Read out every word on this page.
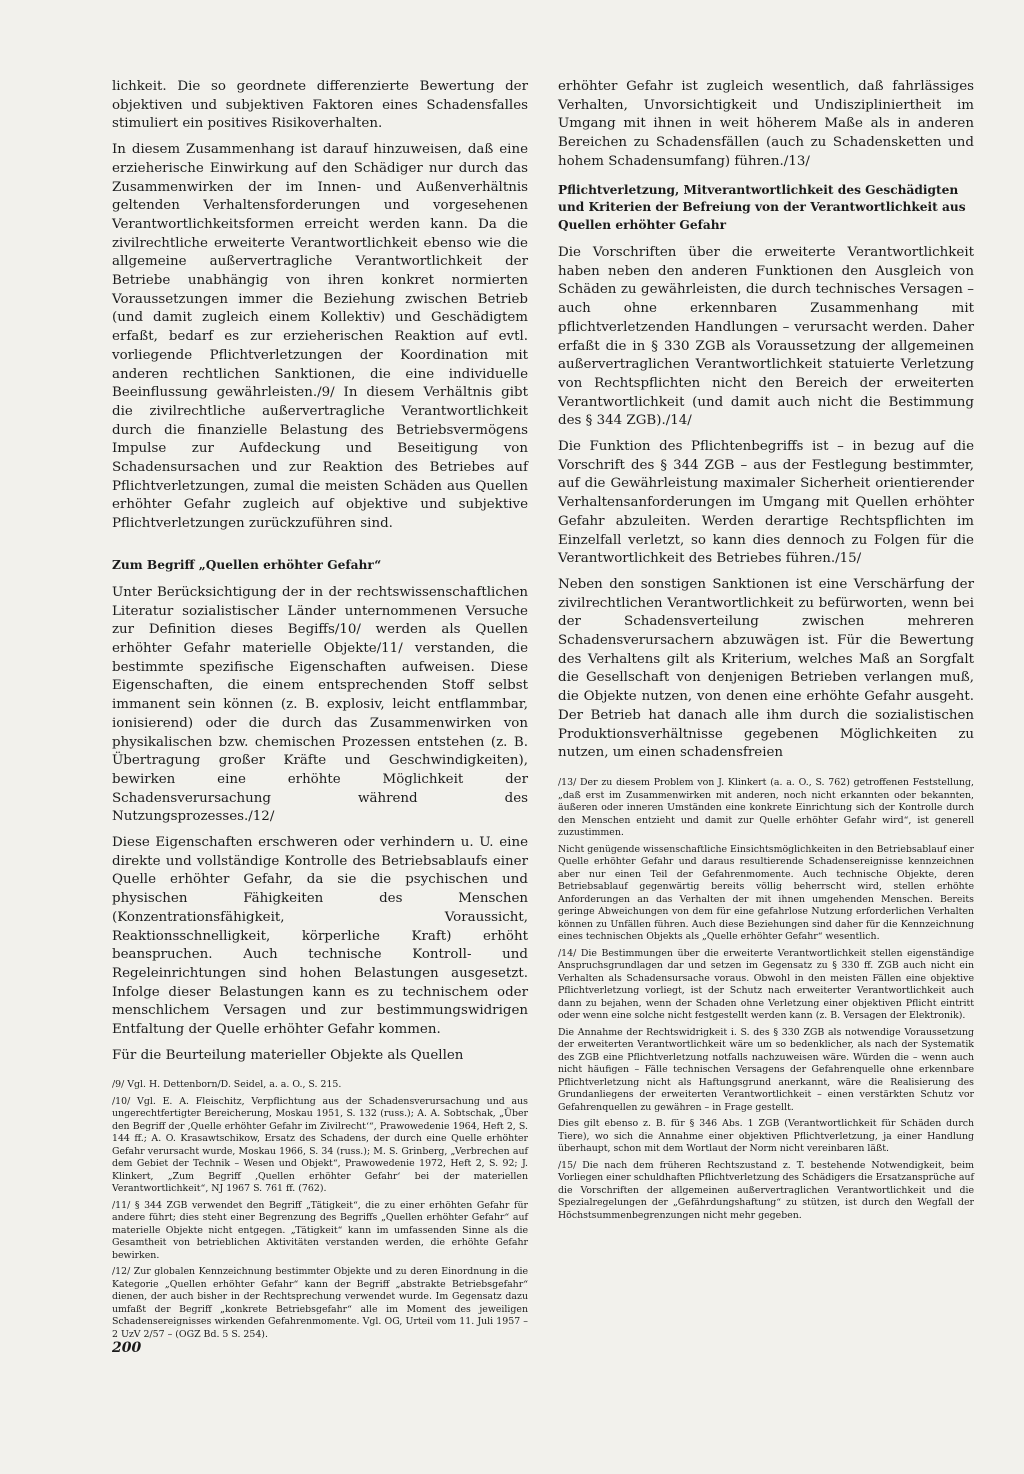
lichkeit. Die so geordnete differenzierte Bewertung der objektiven und subjektiven Faktoren eines Schadensfalles stimuliert ein positives Risikoverhalten.

In diesem Zusammenhang ist darauf hinzuweisen, daß eine erzieherische Einwirkung auf den Schädiger nur durch das Zusammenwirken der im Innen- und Außenverhältnis geltenden Verhaltensforderungen und vorgesehenen Verantwortlichkeitsformen erreicht werden kann. Da die zivilrechtliche erweiterte Verantwortlichkeit ebenso wie die allgemeine außervertragliche Verantwortlichkeit der Betriebe unabhängig von ihren konkret normierten Voraussetzungen immer die Beziehung zwischen Betrieb (und damit zugleich einem Kollektiv) und Geschädigtem erfaßt, bedarf es zur erzieherischen Reaktion auf evtl. vorliegende Pflichtverletzungen der Koordination mit anderen rechtlichen Sanktionen, die eine individuelle Beeinflussung gewährleisten./9/ In diesem Verhältnis gibt die zivilrechtliche außervertragliche Verantwortlichkeit durch die finanzielle Belastung des Betriebsvermögens Impulse zur Aufdeckung und Beseitigung von Schadensursachen und zur Reaktion des Betriebes auf Pflichtverletzungen, zumal die meisten Schäden aus Quellen erhöhter Gefahr zugleich auf objektive und subjektive Pflichtverletzungen zurückzuführen sind.

Zum Begriff „Quellen erhöhter Gefahr“

Unter Berücksichtigung der in der rechtswissenschaftlichen Literatur sozialistischer Länder unternommenen Versuche zur Definition dieses Begiffs/10/ werden als Quellen erhöhter Gefahr materielle Objekte/11/ verstanden, die bestimmte spezifische Eigenschaften aufweisen. Diese Eigenschaften, die einem entsprechenden Stoff selbst immanent sein können (z. B. explosiv, leicht entflammbar, ionisierend) oder die durch das Zusammenwirken von physikalischen bzw. chemischen Prozessen entstehen (z. B. Übertragung großer Kräfte und Geschwindigkeiten), bewirken eine erhöhte Möglichkeit der Schadensverursachung während des Nutzungsprozesses./12/

Diese Eigenschaften erschweren oder verhindern u. U. eine direkte und vollständige Kontrolle des Betriebsablaufs einer Quelle erhöhter Gefahr, da sie die psychischen und physischen Fähigkeiten des Menschen (Konzentrationsfähigkeit, Voraussicht, Reaktionsschnelligkeit, körperliche Kraft) erhöht beanspruchen. Auch technische Kontroll- und Regeleinrichtungen sind hohen Belastungen ausgesetzt. Infolge dieser Belastungen kann es zu technischem oder menschlichem Versagen und zur bestimmungswidrigen Entfaltung der Quelle erhöhter Gefahr kommen.

Für die Beurteilung materieller Objekte als Quellen

/9/ Vgl. H. Dettenborn/D. Seidel, a. a. O., S. 215.

/10/ Vgl. E. A. Fleischitz, Verpflichtung aus der Schadensverursachung und aus ungerechtfertigter Bereicherung, Moskau 1951, S. 132 (russ.); A. A. Sobtschak, „Über den Begriff der ‚Quelle erhöhter Gefahr im Zivilrecht‘“, Prawowedenie 1964, Heft 2, S. 144 ff.; A. O. Krasawtschikow, Ersatz des Schadens, der durch eine Quelle erhöhter Gefahr verursacht wurde, Moskau 1966, S. 34 (russ.); M. S. Grinberg, „Verbrechen auf dem Gebiet der Technik – Wesen und Objekt“, Prawowedenie 1972, Heft 2, S. 92; J. Klinkert, „Zum Begriff ‚Quellen erhöhter Gefahr‘ bei der materiellen Verantwortlichkeit“, NJ 1967 S. 761 ff. (762).

/11/ § 344 ZGB verwendet den Begriff „Tätigkeit“, die zu einer erhöhten Gefahr für andere führt; dies steht einer Begrenzung des Begriffs „Quellen erhöhter Gefahr“ auf materielle Objekte nicht entgegen. „Tätigkeit“ kann im umfassenden Sinne als die Gesamtheit von betrieblichen Aktivitäten verstanden werden, die erhöhte Gefahr bewirken.

/12/ Zur globalen Kennzeichnung bestimmter Objekte und zu deren Einordnung in die Kategorie „Quellen erhöhter Gefahr“ kann der Begriff „abstrakte Betriebsgefahr“ dienen, der auch bisher in der Rechtsprechung verwendet wurde. Im Gegensatz dazu umfaßt der Begriff „konkrete Betriebsgefahr“ alle im Moment des jeweiligen Schadensereignisses wirkenden Gefahrenmomente. Vgl. OG, Urteil vom 11. Juli 1957 – 2 UzV 2/57 – (OGZ Bd. 5 S. 254).

erhöhter Gefahr ist zugleich wesentlich, daß fahrlässiges Verhalten, Unvorsichtigkeit und Undiszipliniertheit im Umgang mit ihnen in weit höherem Maße als in anderen Bereichen zu Schadensfällen (auch zu Schadensketten und hohem Schadensumfang) führen./13/

Pflichtverletzung, Mitverantwortlichkeit des Geschädigten und Kriterien der Befreiung von der Verantwortlichkeit aus Quellen erhöhter Gefahr

Die Vorschriften über die erweiterte Verantwortlichkeit haben neben den anderen Funktionen den Ausgleich von Schäden zu gewährleisten, die durch technisches Versagen – auch ohne erkennbaren Zusammenhang mit pflichtverletzenden Handlungen – verursacht werden. Daher erfaßt die in § 330 ZGB als Voraussetzung der allgemeinen außervertraglichen Verantwortlichkeit statuierte Verletzung von Rechtspflichten nicht den Bereich der erweiterten Verantwortlichkeit (und damit auch nicht die Bestimmung des § 344 ZGB)./14/

Die Funktion des Pflichtenbegriffs ist – in bezug auf die Vorschrift des § 344 ZGB – aus der Festlegung bestimmter, auf die Gewährleistung maximaler Sicherheit orientierender Verhaltensanforderungen im Umgang mit Quellen erhöhter Gefahr abzuleiten. Werden derartige Rechtspflichten im Einzelfall verletzt, so kann dies dennoch zu Folgen für die Verantwortlichkeit des Betriebes führen./15/

Neben den sonstigen Sanktionen ist eine Verschärfung der zivilrechtlichen Verantwortlichkeit zu befürworten, wenn bei der Schadensverteilung zwischen mehreren Schadensverursachern abzuwägen ist. Für die Bewertung des Verhaltens gilt als Kriterium, welches Maß an Sorgfalt die Gesellschaft von denjenigen Betrieben verlangen muß, die Objekte nutzen, von denen eine erhöhte Gefahr ausgeht. Der Betrieb hat danach alle ihm durch die sozialistischen Produktionsverhältnisse gegebenen Möglichkeiten zu nutzen, um einen schadensfreien

/13/ Der zu diesem Problem von J. Klinkert (a. a. O., S. 762) getroffenen Feststellung, „daß erst im Zusammenwirken mit anderen, noch nicht erkannten oder bekannten, äußeren oder inneren Umständen eine konkrete Einrichtung sich der Kontrolle durch den Menschen entzieht und damit zur Quelle erhöhter Gefahr wird“, ist generell zuzustimmen.

Nicht genügende wissenschaftliche Einsichtsmöglichkeiten in den Betriebsablauf einer Quelle erhöhter Gefahr und daraus resultierende Schadensereignisse kennzeichnen aber nur einen Teil der Gefahrenmomente. Auch technische Objekte, deren Betriebsablauf gegenwärtig bereits völlig beherrscht wird, stellen erhöhte Anforderungen an das Verhalten der mit ihnen umgehenden Menschen. Bereits geringe Abweichungen von dem für eine gefahrlose Nutzung erforderlichen Verhalten können zu Unfällen führen. Auch diese Beziehungen sind daher für die Kennzeichnung eines technischen Objekts als „Quelle erhöhter Gefahr“ wesentlich.

/14/ Die Bestimmungen über die erweiterte Verantwortlichkeit stellen eigenständige Anspruchsgrundlagen dar und setzen im Gegensatz zu § 330 ff. ZGB auch nicht ein Verhalten als Schadensursache voraus. Obwohl in den meisten Fällen eine objektive Pflichtverletzung vorliegt, ist der Schutz nach erweiterter Verantwortlichkeit auch dann zu bejahen, wenn der Schaden ohne Verletzung einer objektiven Pflicht eintritt oder wenn eine solche nicht festgestellt werden kann (z. B. Versagen der Elektronik).

Die Annahme der Rechtswidrigkeit i. S. des § 330 ZGB als notwendige Voraussetzung der erweiterten Verantwortlichkeit wäre um so bedenklicher, als nach der Systematik des ZGB eine Pflichtverletzung notfalls nachzuweisen wäre. Würden die – wenn auch nicht häufigen – Fälle technischen Versagens der Gefahrenquelle ohne erkennbare Pflichtverletzung nicht als Haftungsgrund anerkannt, wäre die Realisierung des Grundanliegens der erweiterten Verantwortlichkeit – einen verstärkten Schutz vor Gefahrenquellen zu gewähren – in Frage gestellt.

Dies gilt ebenso z. B. für § 346 Abs. 1 ZGB (Verantwortlichkeit für Schäden durch Tiere), wo sich die Annahme einer objektiven Pflichtverletzung, ja einer Handlung überhaupt, schon mit dem Wortlaut der Norm nicht vereinbaren läßt.

/15/ Die nach dem früheren Rechtszustand z. T. bestehende Notwendigkeit, beim Vorliegen einer schuldhaften Pflichtverletzung des Schädigers die Ersatzansprüche auf die Vorschriften der allgemeinen außervertraglichen Verantwortlichkeit und die Spezialregelungen der „Gefährdungshaftung“ zu stützen, ist durch den Wegfall der Höchstsummenbegrenzungen nicht mehr gegeben.

200
